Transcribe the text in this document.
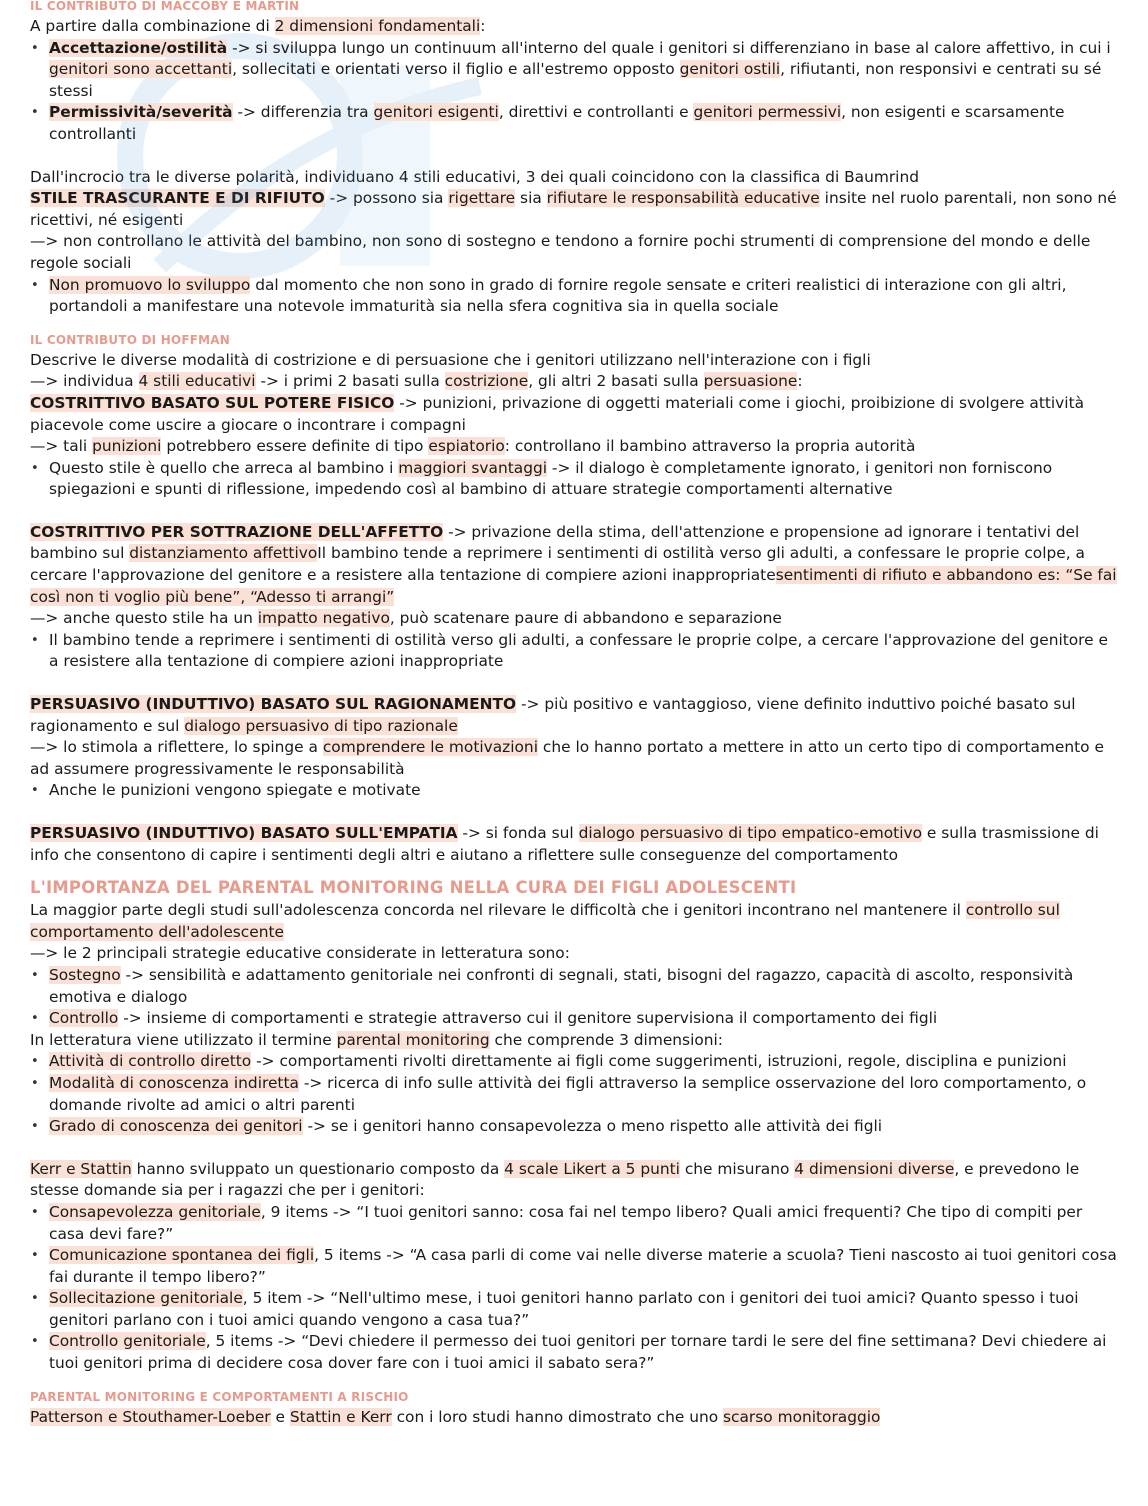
IL CONTRIBUTO DI MACCOBY E MARTIN

A partire dalla combinazione di 2 dimensioni fondamentali:

• Accettazione/ostilità -> si sviluppa lungo un continuum all'interno del quale i genitori si differenziano in base al calore affettivo, in cui i genitori sono accettanti, sollecitati e orientati verso il figlio e all'estremo opposto genitori ostili, rifiutanti, non responsivi e centrati su sé stessi
• Permissività/severità -> differenzia tra genitori esigenti, direttivi e controllanti e genitori permessivi, non esigenti e scarsamente controllanti

Dall'incrocio tra le diverse polarità, individuano 4 stili educativi, 3 dei quali coincidono con la classifica di Baumrind

STILE TRASCURANTE E DI RIFIUTO -> possono sia rigettare sia rifiutare le responsabilità educative insite nel ruolo parentali, non sono né ricettivi, né esigenti

—> non controllano le attività del bambino, non sono di sostegno e tendono a fornire pochi strumenti di comprensione del mondo e delle regole sociali

• Non promuovo lo sviluppo dal momento che non sono in grado di fornire regole sensate e criteri realistici di interazione con gli altri, portandoli a manifestare una notevole immaturità sia nella sfera cognitiva sia in quella sociale
IL CONTRIBUTO DI HOFFMAN

Descrive le diverse modalità di costrizione e di persuasione che i genitori utilizzano nell'interazione con i figli

—> individua 4 stili educativi -> i primi 2 basati sulla costrizione, gli altri 2 basati sulla persuasione:

COSTRITTIVO BASATO SUL POTERE FISICO -> punizioni, privazione di oggetti materiali come i giochi, proibizione di svolgere attività piacevole come uscire a giocare o incontrare i compagni

—> tali punizioni potrebbero essere definite di tipo espiatorio: controllano il bambino attraverso la propria autorità

• Questo stile è quello che arreca al bambino i maggiori svantaggi -> il dialogo è completamente ignorato, i genitori non forniscono spiegazioni e spunti di riflessione, impedendo così al bambino di attuare strategie comportamenti alternative

COSTRITTIVO PER SOTTRAZIONE DELL'AFFETTO -> privazione della stima, dell'attenzione e propensione ad ignorare i tentativi del bambino sul distanziamento affettivoIl bambino tende a reprimere i sentimenti di ostilità verso gli adulti, a confessare le proprie colpe, a cercare l'approvazione del genitore e a resistere alla tentazione di compiere azioni inappropriatesentimenti di rifiuto e abbandono es: “Se fai così non ti voglio più bene”, “Adesso ti arrangi”

—> anche questo stile ha un impatto negativo, può scatenare paure di abbandono e separazione

• Il bambino tende a reprimere i sentimenti di ostilità verso gli adulti, a confessare le proprie colpe, a cercare l'approvazione del genitore e a resistere alla tentazione di compiere azioni inappropriate

PERSUASIVO (INDUTTIVO) BASATO SUL RAGIONAMENTO -> più positivo e vantaggioso, viene definito induttivo poiché basato sul ragionamento e sul dialogo persuasivo di tipo razionale

—> lo stimola a riflettere, lo spinge a comprendere le motivazioni che lo hanno portato a mettere in atto un certo tipo di comportamento e ad assumere progressivamente le responsabilità

• Anche le punizioni vengono spiegate e motivate

PERSUASIVO (INDUTTIVO) BASATO SULL'EMPATIA -> si fonda sul dialogo persuasivo di tipo empatico-emotivo e sulla trasmissione di info che consentono di capire i sentimenti degli altri e aiutano a riflettere sulle conseguenze del comportamento

L'IMPORTANZA DEL PARENTAL MONITORING NELLA CURA DEI FIGLI ADOLESCENTI

La maggior parte degli studi sull'adolescenza concorda nel rilevare le difficoltà che i genitori incontrano nel mantenere il controllo sul comportamento dell'adolescente

—> le 2 principali strategie educative considerate in letteratura sono:

• Sostegno -> sensibilità e adattamento genitoriale nei confronti di segnali, stati, bisogni del ragazzo, capacità di ascolto, responsività emotiva e dialogo
• Controllo -> insieme di comportamenti e strategie attraverso cui il genitore supervisiona il comportamento dei figli

In letteratura viene utilizzato il termine parental monitoring che comprende 3 dimensioni:

• Attività di controllo diretto -> comportamenti rivolti direttamente ai figli come suggerimenti, istruzioni, regole, disciplina e punizioni
• Modalità di conoscenza indiretta -> ricerca di info sulle attività dei figli attraverso la semplice osservazione del loro comportamento, o domande rivolte ad amici o altri parenti
• Grado di conoscenza dei genitori -> se i genitori hanno consapevolezza o meno rispetto alle attività dei figli

Kerr e Stattin hanno sviluppato un questionario composto da 4 scale Likert a 5 punti che misurano 4 dimensioni diverse, e prevedono le stesse domande sia per i ragazzi che per i genitori:

• Consapevolezza genitoriale, 9 items -> “I tuoi genitori sanno: cosa fai nel tempo libero? Quali amici frequenti? Che tipo di compiti per casa devi fare?”
• Comunicazione spontanea dei figli, 5 items -> “A casa parli di come vai nelle diverse materie a scuola? Tieni nascosto ai tuoi genitori cosa fai durante il tempo libero?”
• Sollecitazione genitoriale, 5 item -> “Nell'ultimo mese, i tuoi genitori hanno parlato con i genitori dei tuoi amici? Quanto spesso i tuoi genitori parlano con i tuoi amici quando vengono a casa tua?”
• Controllo genitoriale, 5 items -> “Devi chiedere il permesso dei tuoi genitori per tornare tardi le sere del fine settimana? Devi chiedere ai tuoi genitori prima di decidere cosa dover fare con i tuoi amici il sabato sera?”
PARENTAL MONITORING E COMPORTAMENTI A RISCHIO

Patterson e Stouthamer-Loeber e Stattin e Kerr con i loro studi hanno dimostrato che uno scarso monitoraggio
